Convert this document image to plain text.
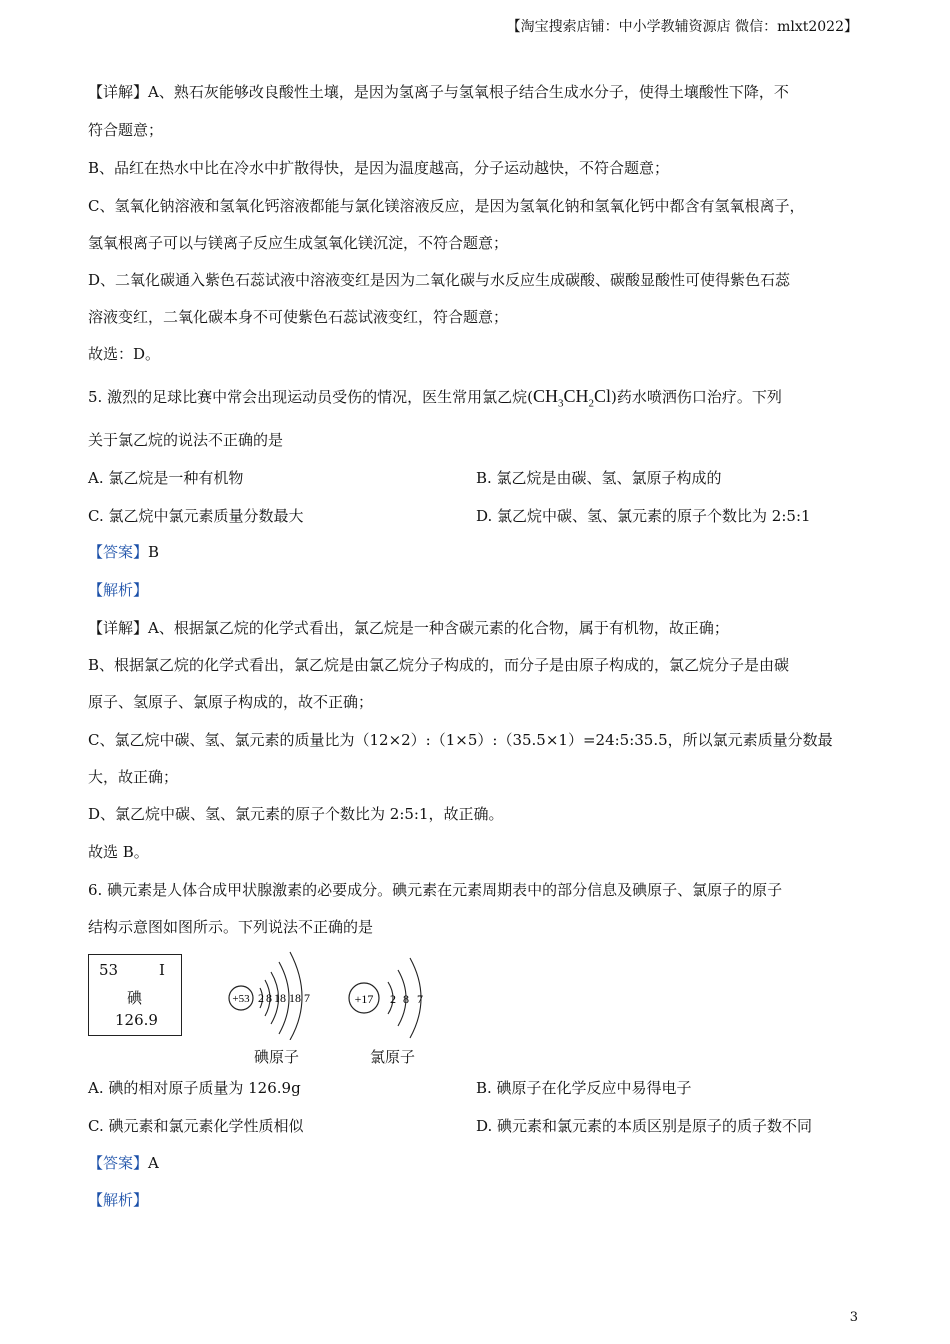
【淘宝搜索店铺：中小学教辅资源店 微信：mlxt2022】
【详解】A、熟石灰能够改良酸性土壤，是因为氢离子与氢氧根子结合生成水分子，使得土壤酸性下降，不
符合题意；
B、品红在热水中比在冷水中扩散得快，是因为温度越高，分子运动越快，不符合题意；
C、氢氧化钠溶液和氢氧化钙溶液都能与氯化镁溶液反应，是因为氢氧化钠和氢氧化钙中都含有氢氧根离子，
氢氧根离子可以与镁离子反应生成氢氧化镁沉淀，不符合题意；
D、二氧化碳通入紫色石蕊试液中溶液变红是因为二氧化碳与水反应生成碳酸、碳酸显酸性可使得紫色石蕊
溶液变红，二氧化碳本身不可使紫色石蕊试液变红，符合题意；
故选：D。
5. 激烈的足球比赛中常会出现运动员受伤的情况，医生常用氯乙烷$(CH_3CH_2Cl)$药水喷洒伤口治疗。下列
关于氯乙烷的说法不正确的是
A. 氯乙烷是一种有机物	B. 氯乙烷是由碳、氢、氯原子构成的
C. 氯乙烷中氯元素质量分数最大	D. 氯乙烷中碳、氢、氯元素的原子个数比为 2:5:1
【答案】B
【解析】
【详解】A、根据氯乙烷的化学式看出，氯乙烷是一种含碳元素的化合物，属于有机物，故正确；
B、根据氯乙烷的化学式看出，氯乙烷是由氯乙烷分子构成的，而分子是由原子构成的，氯乙烷分子是由碳
原子、氢原子、氯原子构成的，故不正确；
C、氯乙烷中碳、氢、氯元素的质量比为（12×2）:（1×5）:（35.5×1）=24:5:35.5，所以氯元素质量分数最
大，故正确；
D、氯乙烷中碳、氢、氯元素的原子个数比为 2:5:1，故正确。
故选 B。
6. 碘元素是人体合成甲状腺激素的必要成分。碘元素在元素周期表中的部分信息及碘原子、氯原子的原子
结构示意图如图所示。下列说法不正确的是
53	I
碘
126.9
+53 2 8 18 18 7
碘原子
+17 2 8 7
氯原子
A. 碘的相对原子质量为 126.9g	B. 碘原子在化学反应中易得电子
C. 碘元素和氯元素化学性质相似	D. 碘元素和氯元素的本质区别是原子的质子数不同
【答案】A
【解析】
3
